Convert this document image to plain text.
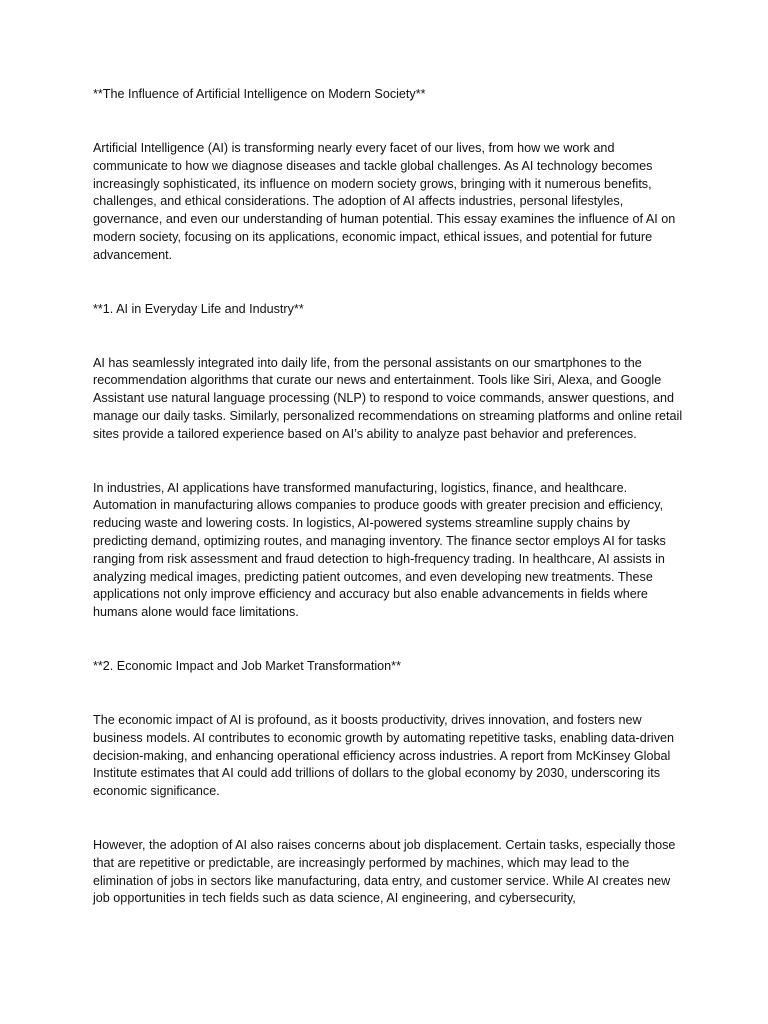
**The Influence of Artificial Intelligence on Modern Society**

Artificial Intelligence (AI) is transforming nearly every facet of our lives, from how we work and communicate to how we diagnose diseases and tackle global challenges. As AI technology becomes increasingly sophisticated, its influence on modern society grows, bringing with it numerous benefits, challenges, and ethical considerations. The adoption of AI affects industries, personal lifestyles, governance, and even our understanding of human potential. This essay examines the influence of AI on modern society, focusing on its applications, economic impact, ethical issues, and potential for future advancement.

**1. AI in Everyday Life and Industry**

AI has seamlessly integrated into daily life, from the personal assistants on our smartphones to the recommendation algorithms that curate our news and entertainment. Tools like Siri, Alexa, and Google Assistant use natural language processing (NLP) to respond to voice commands, answer questions, and manage our daily tasks. Similarly, personalized recommendations on streaming platforms and online retail sites provide a tailored experience based on AI’s ability to analyze past behavior and preferences.

In industries, AI applications have transformed manufacturing, logistics, finance, and healthcare. Automation in manufacturing allows companies to produce goods with greater precision and efficiency, reducing waste and lowering costs. In logistics, AI-powered systems streamline supply chains by predicting demand, optimizing routes, and managing inventory. The finance sector employs AI for tasks ranging from risk assessment and fraud detection to high-frequency trading. In healthcare, AI assists in analyzing medical images, predicting patient outcomes, and even developing new treatments. These applications not only improve efficiency and accuracy but also enable advancements in fields where humans alone would face limitations.

**2. Economic Impact and Job Market Transformation**

The economic impact of AI is profound, as it boosts productivity, drives innovation, and fosters new business models. AI contributes to economic growth by automating repetitive tasks, enabling data-driven decision-making, and enhancing operational efficiency across industries. A report from McKinsey Global Institute estimates that AI could add trillions of dollars to the global economy by 2030, underscoring its economic significance.

However, the adoption of AI also raises concerns about job displacement. Certain tasks, especially those that are repetitive or predictable, are increasingly performed by machines, which may lead to the elimination of jobs in sectors like manufacturing, data entry, and customer service. While AI creates new job opportunities in tech fields such as data science, AI engineering, and cybersecurity,
